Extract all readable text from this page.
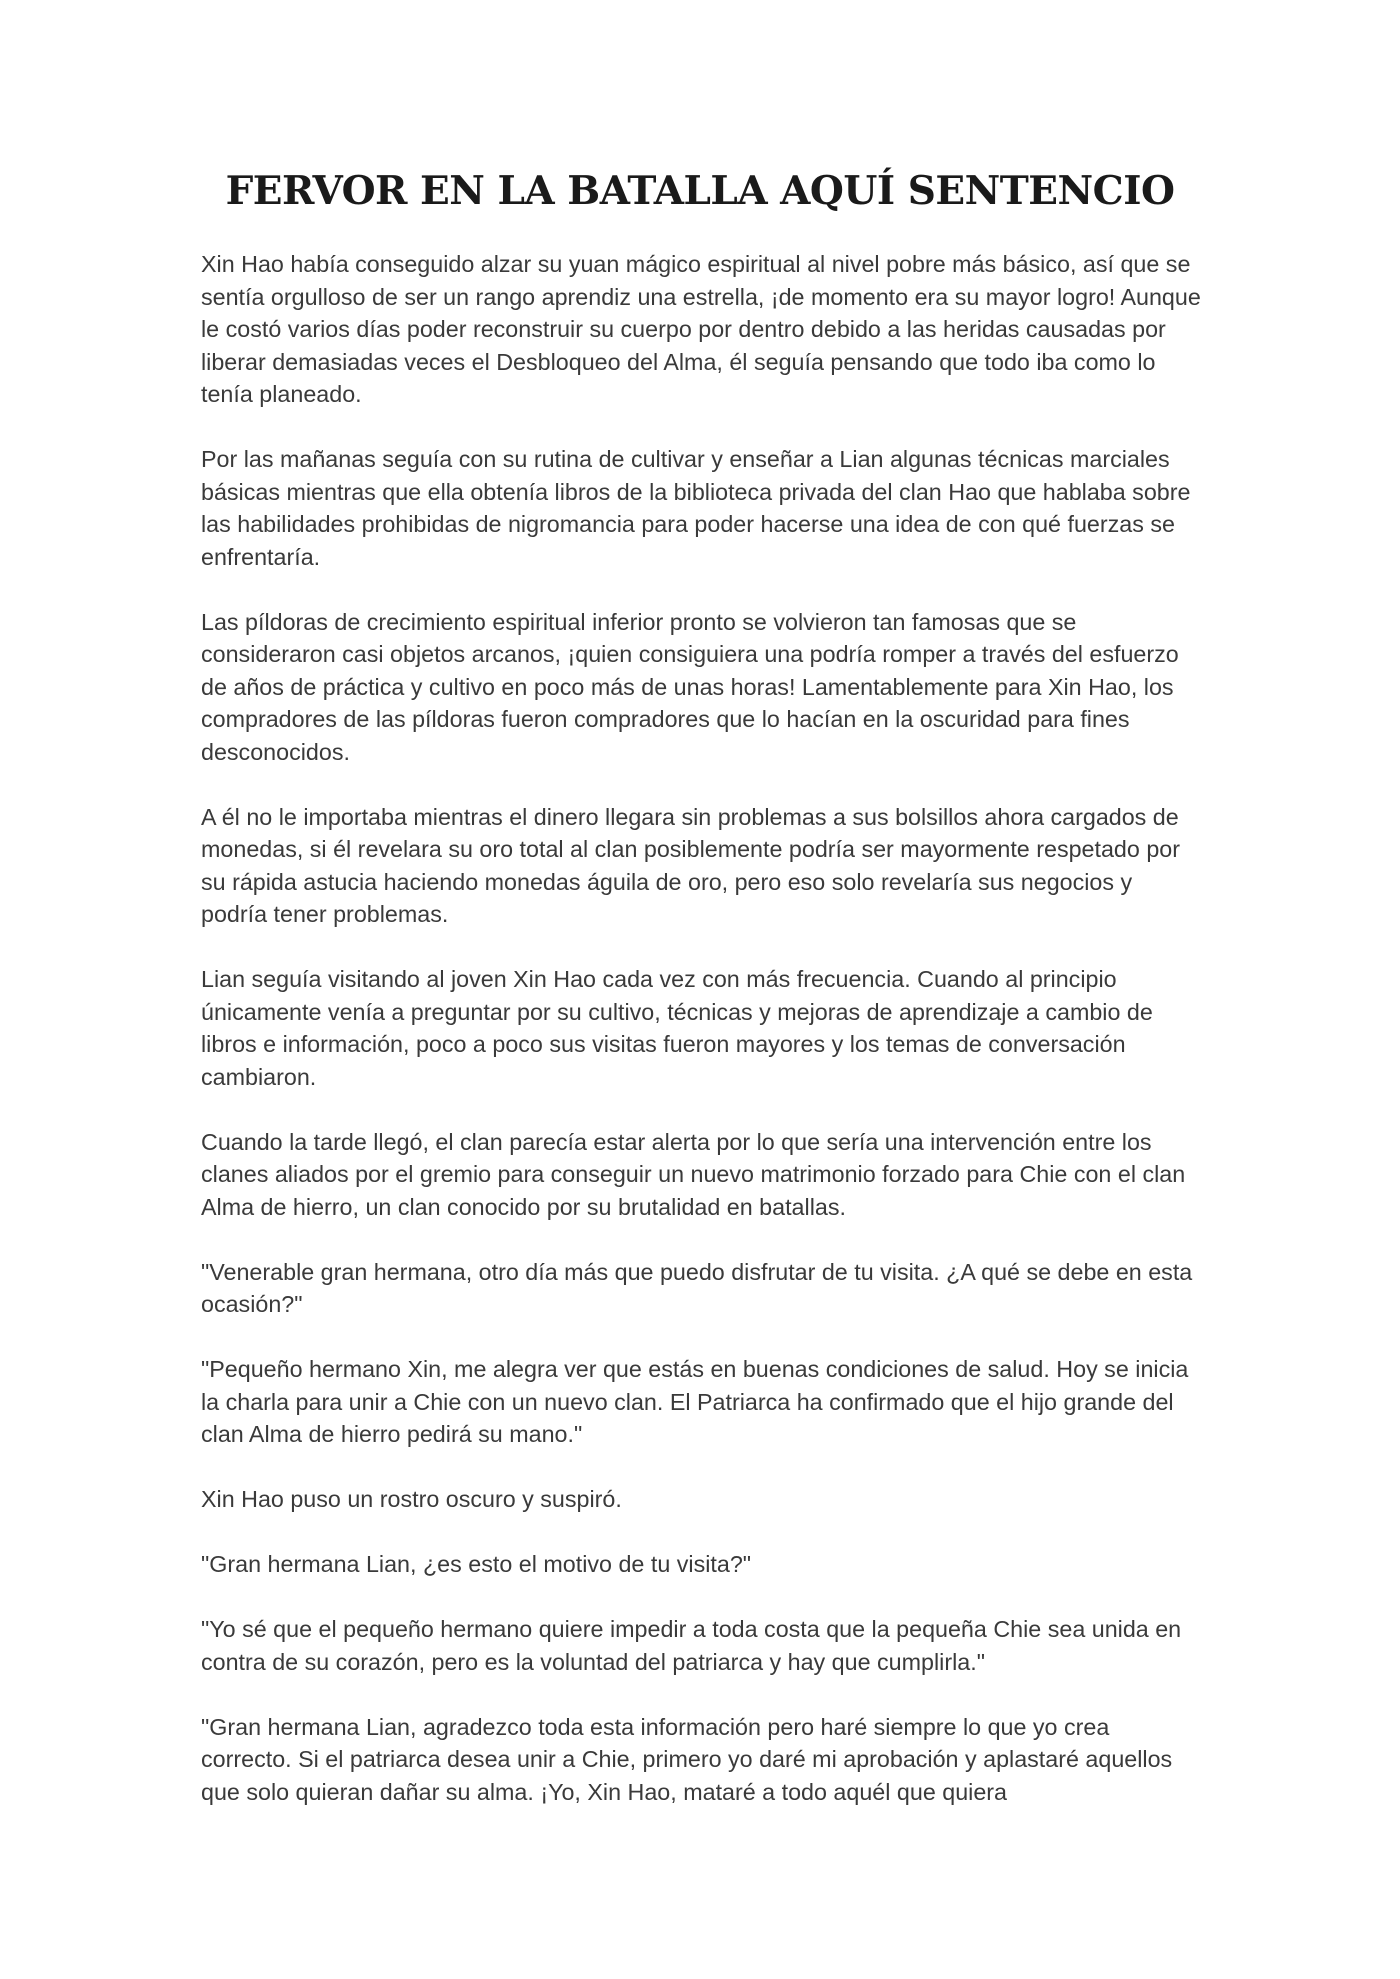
FERVOR EN LA BATALLA AQUÍ SENTENCIO

Xin Hao había conseguido alzar su yuan mágico espiritual al nivel pobre más básico, así que se sentía orgulloso de ser un rango aprendiz una estrella, ¡de momento era su mayor logro! Aunque le costó varios días poder reconstruir su cuerpo por dentro debido a las heridas causadas por liberar demasiadas veces el Desbloqueo del Alma, él seguía pensando que todo iba como lo tenía planeado.

Por las mañanas seguía con su rutina de cultivar y enseñar a Lian algunas técnicas marciales básicas mientras que ella obtenía libros de la biblioteca privada del clan Hao que hablaba sobre las habilidades prohibidas de nigromancia para poder hacerse una idea de con qué fuerzas se enfrentaría.

Las píldoras de crecimiento espiritual inferior pronto se volvieron tan famosas que se consideraron casi objetos arcanos, ¡quien consiguiera una podría romper a través del esfuerzo de años de práctica y cultivo en poco más de unas horas! Lamentablemente para Xin Hao, los compradores de las píldoras fueron compradores que lo hacían en la oscuridad para fines desconocidos.

A él no le importaba mientras el dinero llegara sin problemas a sus bolsillos ahora cargados de monedas, si él revelara su oro total al clan posiblemente podría ser mayormente respetado por su rápida astucia haciendo monedas águila de oro, pero eso solo revelaría sus negocios y podría tener problemas.

Lian seguía visitando al joven Xin Hao cada vez con más frecuencia. Cuando al principio únicamente venía a preguntar por su cultivo, técnicas y mejoras de aprendizaje a cambio de libros e información, poco a poco sus visitas fueron mayores y los temas de conversación cambiaron.

Cuando la tarde llegó, el clan parecía estar alerta por lo que sería una intervención entre los clanes aliados por el gremio para conseguir un nuevo matrimonio forzado para Chie con el clan Alma de hierro, un clan conocido por su brutalidad en batallas.

"Venerable gran hermana, otro día más que puedo disfrutar de tu visita. ¿A qué se debe en esta ocasión?"

"Pequeño hermano Xin, me alegra ver que estás en buenas condiciones de salud. Hoy se inicia la charla para unir a Chie con un nuevo clan. El Patriarca ha confirmado que el hijo grande del clan Alma de hierro pedirá su mano."

Xin Hao puso un rostro oscuro y suspiró.

"Gran hermana Lian, ¿es esto el motivo de tu visita?"

"Yo sé que el pequeño hermano quiere impedir a toda costa que la pequeña Chie sea unida en contra de su corazón, pero es la voluntad del patriarca y hay que cumplirla."

"Gran hermana Lian, agradezco toda esta información pero haré siempre lo que yo crea correcto. Si el patriarca desea unir a Chie, primero yo daré mi aprobación y aplastaré aquellos que solo quieran dañar su alma. ¡Yo, Xin Hao, mataré a todo aquél que quiera
